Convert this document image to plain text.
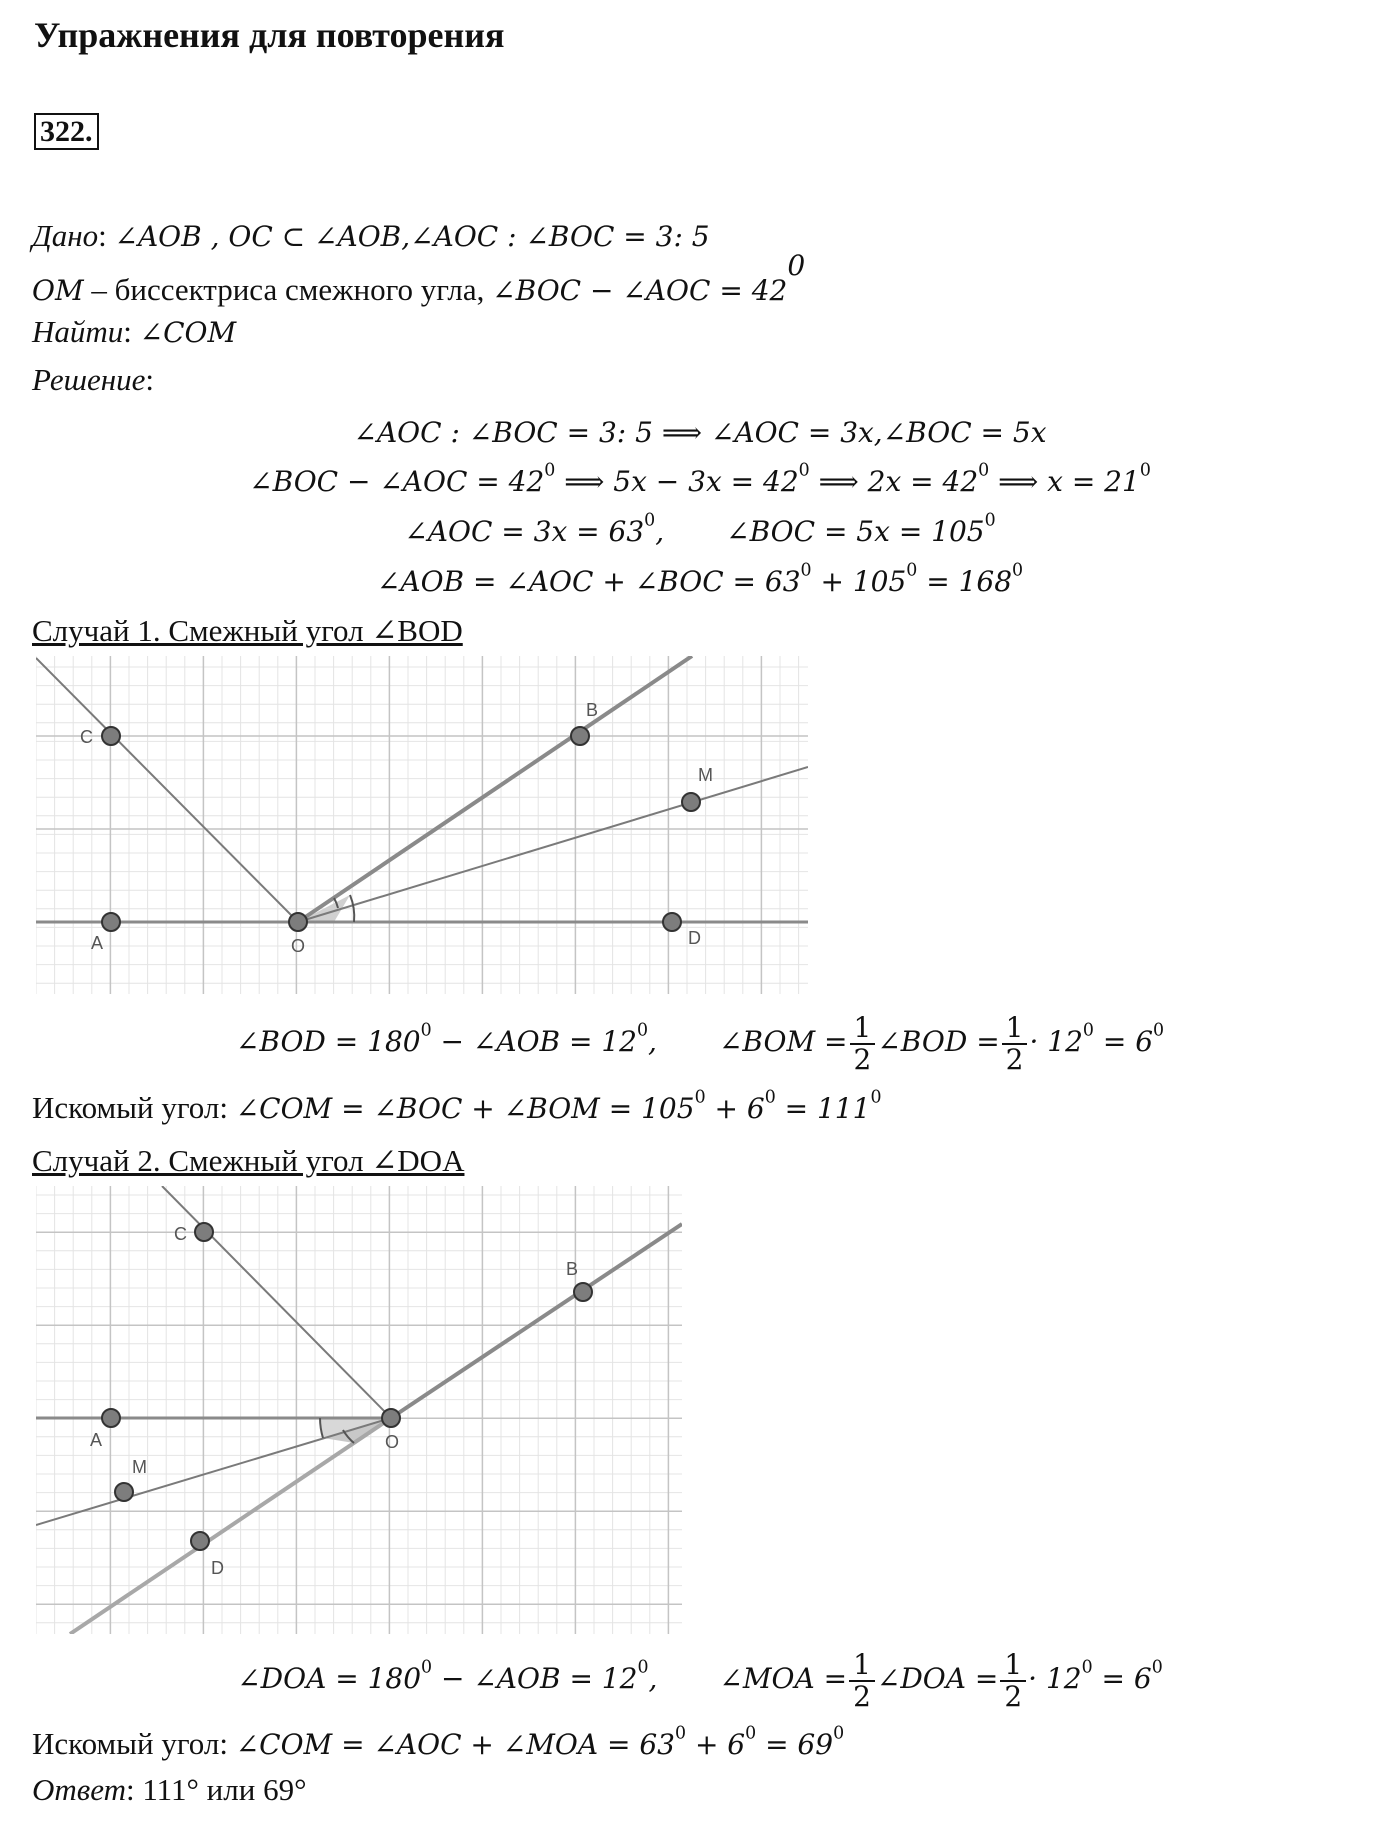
Упражнения для повторения
322.
Дано: ∠AOB , OC ⊂ ∠AOB,∠AOC : ∠BOC = 3: 5
OM – биссектриса смежного угла, ∠BOC − ∠AOC = $42^0$
Найти: ∠COM
Решение:
∠AOC : ∠BOC = 3: 5 ⟹ ∠AOC = 3x,∠BOC = 5x
∠BOC − ∠AOC = $42^0$ ⟹ $5x - 3x = 42^0$ ⟹ $2x = 42^0$ ⟹ $x = 21^0$
∠AOC = $3x = 63^0$, ∠BOC = $5x = 105^0$
∠AOB = ∠AOC + ∠BOC = $63^0 + 105^0 = 168^0$
Случай 1. Смежный угол ∠BOD
A	O	D
B
C
M
∠BOD = $180^0$ − ∠AOB = $12^0$, ∠BOM = $\frac{1}{2}$ ∠BOD = $\frac{1}{2} \cdot 12^0 = 6^0$
Искомый угол: ∠COM = ∠BOC + ∠BOM = $105^0 + 6^0 = 111^0$
Случай 2. Смежный угол ∠DOA
A	O
D
B
C
M
∠DOA = $180^0$ − ∠AOB = $12^0$, ∠MOA = $\frac{1}{2}$ ∠DOA = $\frac{1}{2} \cdot 12^0 = 6^0$
Искомый угол: ∠COM = ∠AOC + ∠MOA = $63^0 + 6^0 = 69^0$
Ответ: 111° или 69°
